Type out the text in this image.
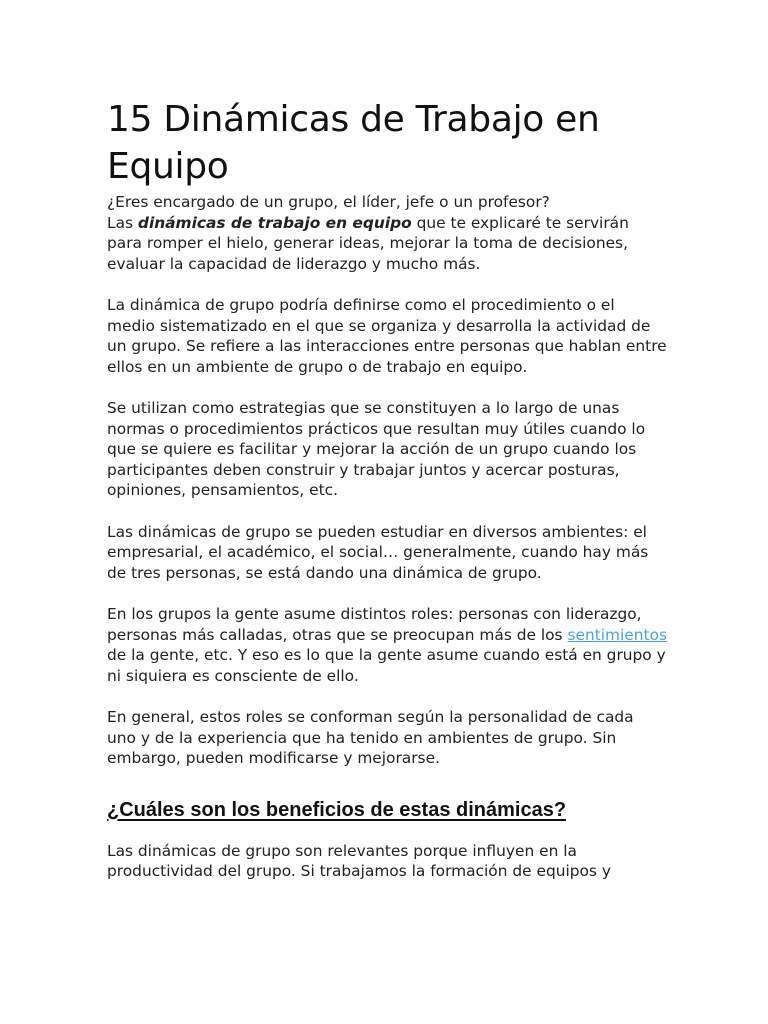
15 Dinámicas de Trabajo en Equipo

¿Eres encargado de un grupo, el líder, jefe o un profesor?

Las dinámicas de trabajo en equipo que te explicaré te servirán para romper el hielo, generar ideas, mejorar la toma de decisiones, evaluar la capacidad de liderazgo y mucho más.

La dinámica de grupo podría definirse como el procedimiento o el medio sistematizado en el que se organiza y desarrolla la actividad de un grupo. Se refiere a las interacciones entre personas que hablan entre ellos en un ambiente de grupo o de trabajo en equipo.

Se utilizan como estrategias que se constituyen a lo largo de unas normas o procedimientos prácticos que resultan muy útiles cuando lo que se quiere es facilitar y mejorar la acción de un grupo cuando los participantes deben construir y trabajar juntos y acercar posturas, opiniones, pensamientos, etc.

Las dinámicas de grupo se pueden estudiar en diversos ambientes: el empresarial, el académico, el social… generalmente, cuando hay más de tres personas, se está dando una dinámica de grupo.

En los grupos la gente asume distintos roles: personas con liderazgo, personas más calladas, otras que se preocupan más de los sentimientos de la gente, etc. Y eso es lo que la gente asume cuando está en grupo y ni siquiera es consciente de ello.

En general, estos roles se conforman según la personalidad de cada uno y de la experiencia que ha tenido en ambientes de grupo. Sin embargo, pueden modificarse y mejorarse.

¿Cuáles son los beneficios de estas dinámicas?

Las dinámicas de grupo son relevantes porque influyen en la productividad del grupo. Si trabajamos la formación de equipos y
